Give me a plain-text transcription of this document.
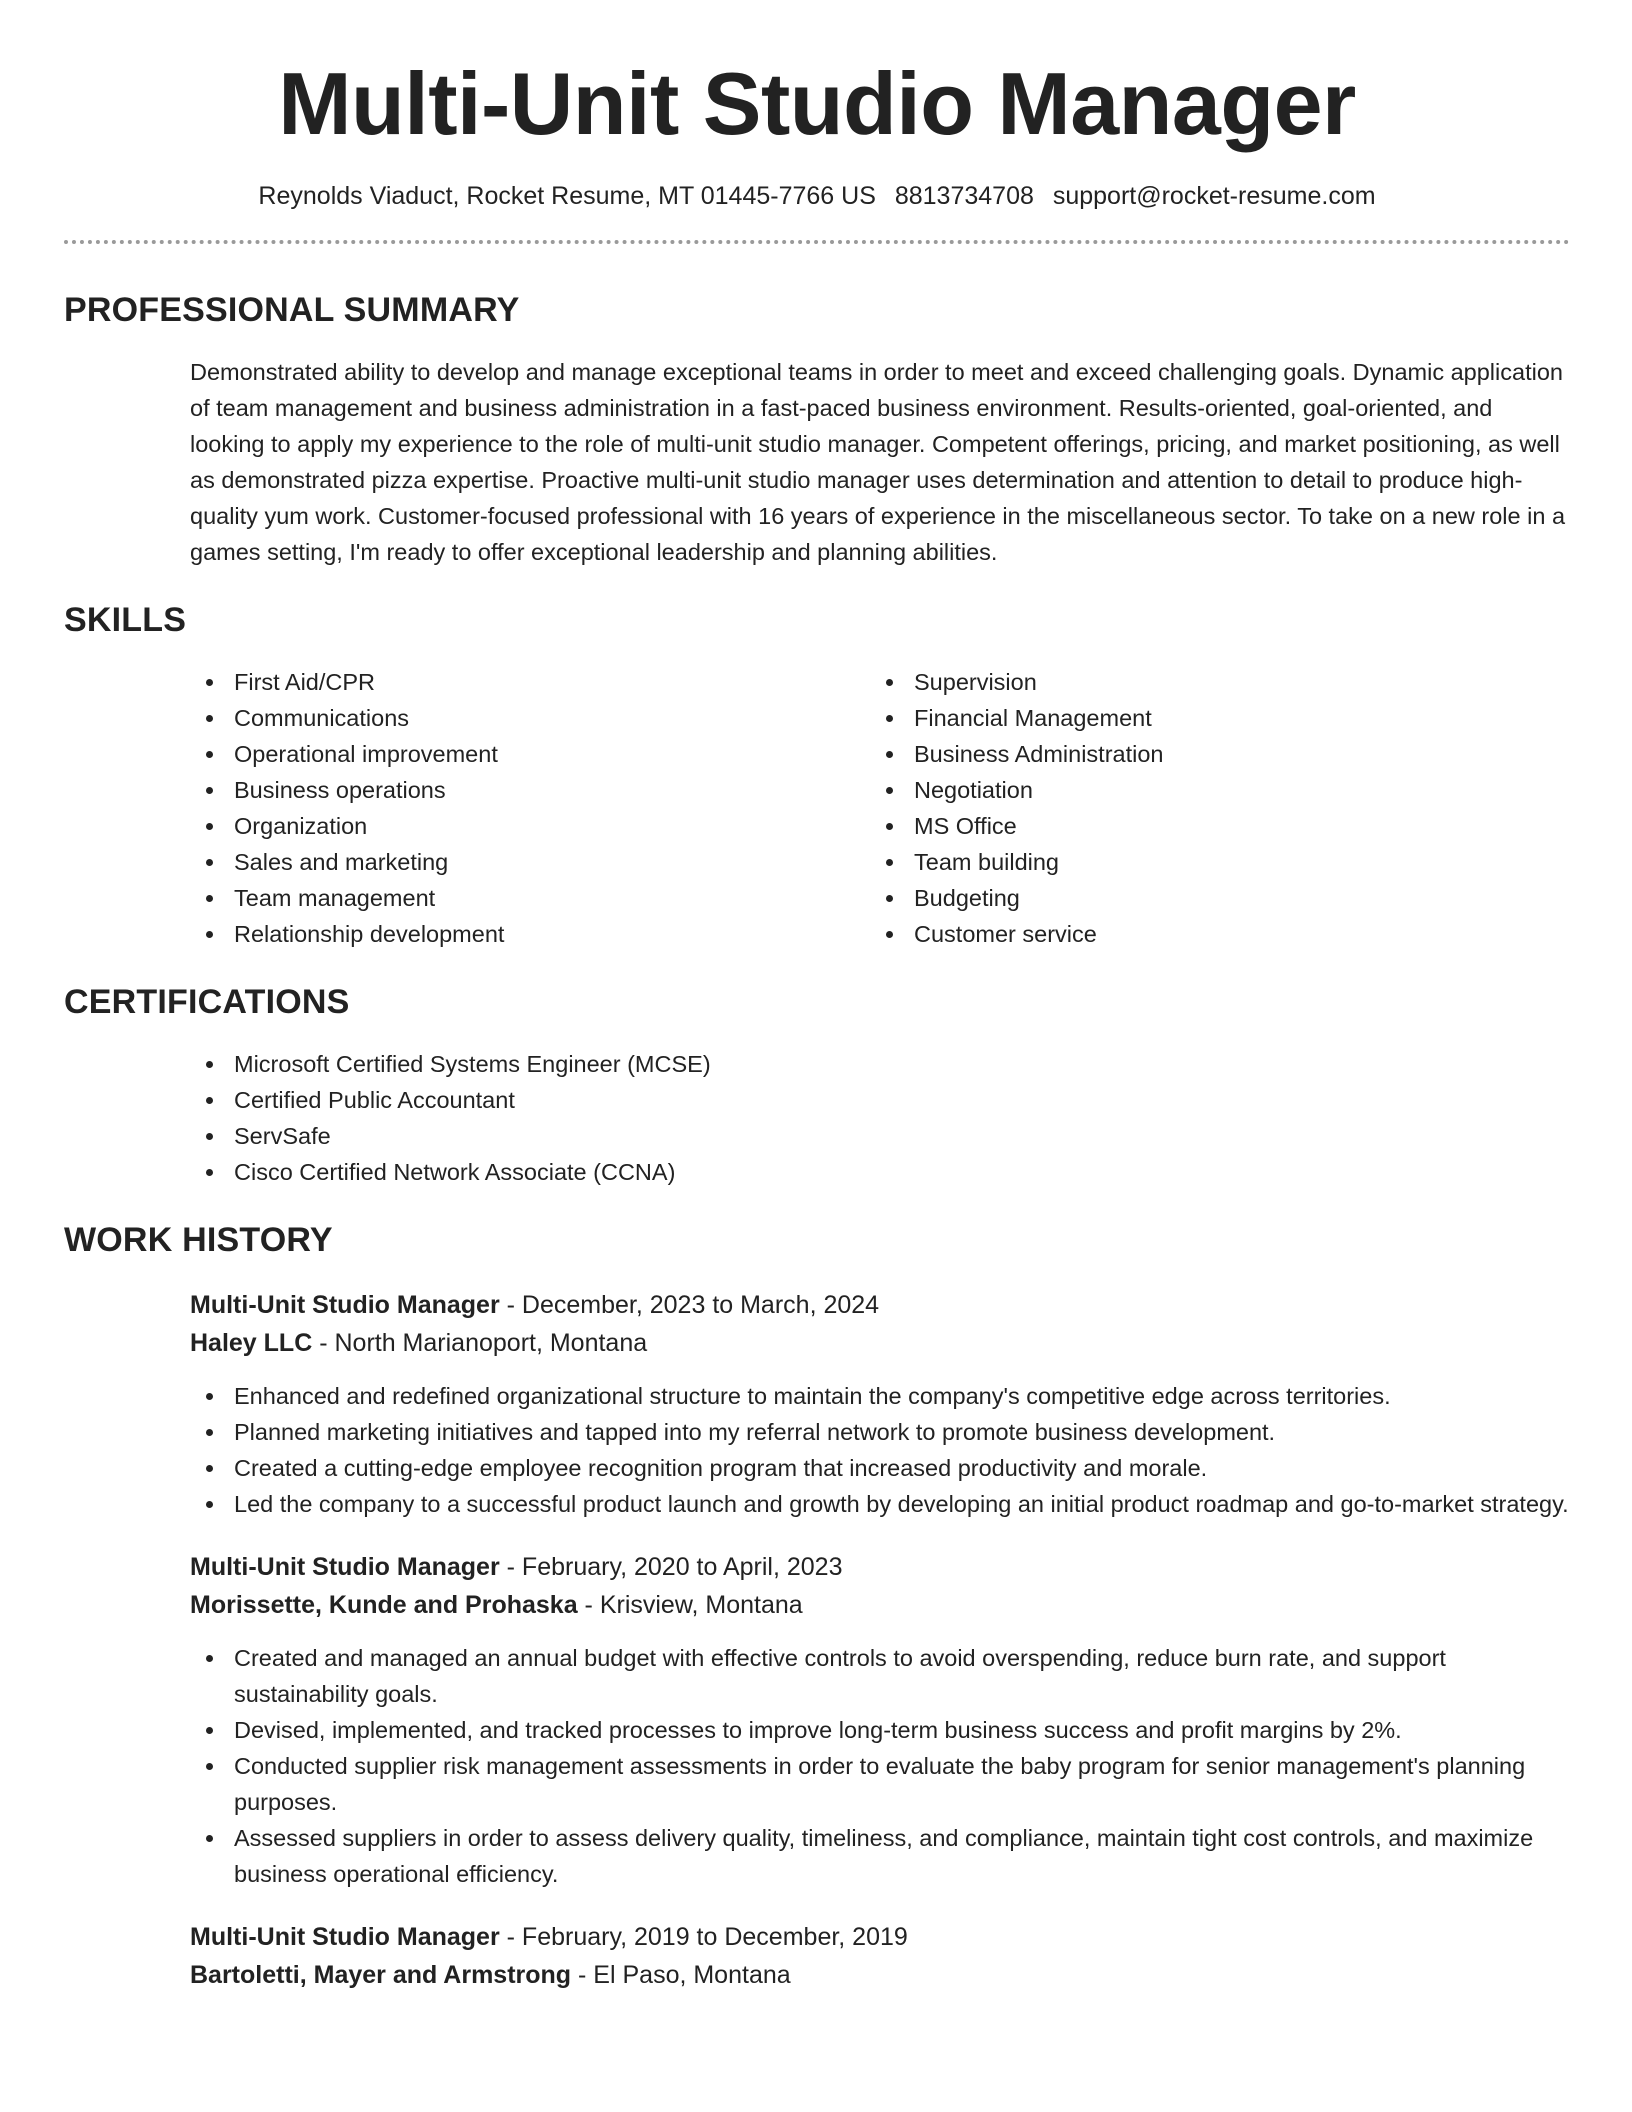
Multi-Unit Studio Manager
Reynolds Viaduct, Rocket Resume, MT 01445-7766 US 8813734708 support@rocket-resume.com
PROFESSIONAL SUMMARY

Demonstrated ability to develop and manage exceptional teams in order to meet and exceed challenging goals. Dynamic application of team management and business administration in a fast-paced business environment. Results-oriented, goal-oriented, and looking to apply my experience to the role of multi-unit studio manager. Competent offerings, pricing, and market positioning, as well as demonstrated pizza expertise. Proactive multi-unit studio manager uses determination and attention to detail to produce high-quality yum work. Customer-focused professional with 16 years of experience in the miscellaneous sector. To take on a new role in a games setting, I'm ready to offer exceptional leadership and planning abilities.

SKILLS
First Aid/CPR
Communications
Operational improvement
Business operations
Organization
Sales and marketing
Team management
Relationship development
Supervision
Financial Management
Business Administration
Negotiation
MS Office
Team building
Budgeting
Customer service
CERTIFICATIONS
Microsoft Certified Systems Engineer (MCSE)
Certified Public Accountant
ServSafe
Cisco Certified Network Associate (CCNA)
WORK HISTORY
Multi-Unit Studio Manager - December, 2023 to March, 2024
Haley LLC - North Marianoport, Montana
Enhanced and redefined organizational structure to maintain the company's competitive edge across territories.
Planned marketing initiatives and tapped into my referral network to promote business development.
Created a cutting-edge employee recognition program that increased productivity and morale.
Led the company to a successful product launch and growth by developing an initial product roadmap and go-to-market strategy.
Multi-Unit Studio Manager - February, 2020 to April, 2023
Morissette, Kunde and Prohaska - Krisview, Montana
Created and managed an annual budget with effective controls to avoid overspending, reduce burn rate, and support sustainability goals.
Devised, implemented, and tracked processes to improve long-term business success and profit margins by 2%.
Conducted supplier risk management assessments in order to evaluate the baby program for senior management's planning purposes.
Assessed suppliers in order to assess delivery quality, timeliness, and compliance, maintain tight cost controls, and maximize business operational efficiency.
Multi-Unit Studio Manager - February, 2019 to December, 2019
Bartoletti, Mayer and Armstrong - El Paso, Montana
